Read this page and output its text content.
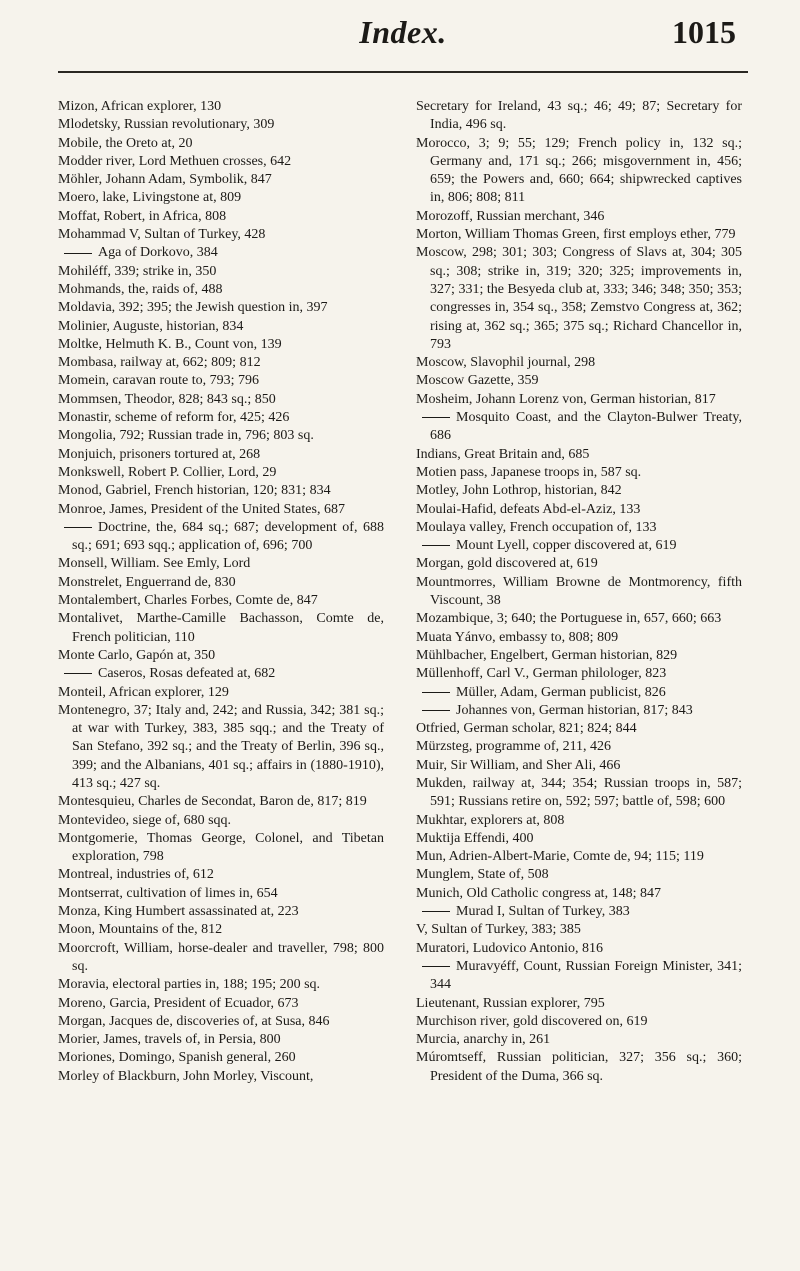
Index.	1015

Mizon, African explorer, 130

Mlodetsky, Russian revolutionary, 309

Mobile, the Oreto at, 20

Modder river, Lord Methuen crosses, 642

Möhler, Johann Adam, Symbolik, 847

Moero, lake, Livingstone at, 809

Moffat, Robert, in Africa, 808

Mohammad V, Sultan of Turkey, 428

Aga of Dorkovo, 384

Mohiléff, 339; strike in, 350

Mohmands, the, raids of, 488

Moldavia, 392; 395; the Jewish question in, 397

Molinier, Auguste, historian, 834

Moltke, Helmuth K. B., Count von, 139

Mombasa, railway at, 662; 809; 812

Momein, caravan route to, 793; 796

Mommsen, Theodor, 828; 843 sq.; 850

Monastir, scheme of reform for, 425; 426

Mongolia, 792; Russian trade in, 796; 803 sq.

Monjuich, prisoners tortured at, 268

Monkswell, Robert P. Collier, Lord, 29

Monod, Gabriel, French historian, 120; 831; 834

Monroe, James, President of the United States, 687

Doctrine, the, 684 sq.; 687; development of, 688 sq.; 691; 693 sqq.; application of, 696; 700

Monsell, William. See Emly, Lord

Monstrelet, Enguerrand de, 830

Montalembert, Charles Forbes, Comte de, 847

Montalivet, Marthe-Camille Bachasson, Comte de, French politician, 110

Monte Carlo, Gapón at, 350

Caseros, Rosas defeated at, 682

Monteil, African explorer, 129

Montenegro, 37; Italy and, 242; and Russia, 342; 381 sq.; at war with Turkey, 383, 385 sqq.; and the Treaty of San Stefano, 392 sq.; and the Treaty of Berlin, 396 sq., 399; and the Albanians, 401 sq.; affairs in (1880-1910), 413 sq.; 427 sq.

Montesquieu, Charles de Secondat, Baron de, 817; 819

Montevideo, siege of, 680 sqq.

Montgomerie, Thomas George, Colonel, and Tibetan exploration, 798

Montreal, industries of, 612

Montserrat, cultivation of limes in, 654

Monza, King Humbert assassinated at, 223

Moon, Mountains of the, 812

Moorcroft, William, horse-dealer and traveller, 798; 800 sq.

Moravia, electoral parties in, 188; 195; 200 sq.

Moreno, Garcia, President of Ecuador, 673

Morgan, Jacques de, discoveries of, at Susa, 846

Morier, James, travels of, in Persia, 800

Moriones, Domingo, Spanish general, 260

Morley of Blackburn, John Morley, Viscount,

Secretary for Ireland, 43 sq.; 46; 49; 87; Secretary for India, 496 sq.

Morocco, 3; 9; 55; 129; French policy in, 132 sq.; Germany and, 171 sq.; 266; misgovernment in, 456; 659; the Powers and, 660; 664; shipwrecked captives in, 806; 808; 811

Morozoff, Russian merchant, 346

Morton, William Thomas Green, first employs ether, 779

Moscow, 298; 301; 303; Congress of Slavs at, 304; 305 sq.; 308; strike in, 319; 320; 325; improvements in, 327; 331; the Besyeda club at, 333; 346; 348; 350; 353; congresses in, 354 sq., 358; Zemstvo Congress at, 362; rising at, 362 sq.; 365; 375 sq.; Richard Chancellor in, 793

Moscow, Slavophil journal, 298

Moscow Gazette, 359

Mosheim, Johann Lorenz von, German historian, 817

Mosquito Coast, and the Clayton-Bulwer Treaty, 686

Indians, Great Britain and, 685

Motien pass, Japanese troops in, 587 sq.

Motley, John Lothrop, historian, 842

Moulai-Hafid, defeats Abd-el-Aziz, 133

Moulaya valley, French occupation of, 133

Mount Lyell, copper discovered at, 619

Morgan, gold discovered at, 619

Mountmorres, William Browne de Montmorency, fifth Viscount, 38

Mozambique, 3; 640; the Portuguese in, 657, 660; 663

Muata Yánvo, embassy to, 808; 809

Mühlbacher, Engelbert, German historian, 829

Müllenhoff, Carl V., German philologer, 823

Müller, Adam, German publicist, 826

Johannes von, German historian, 817; 843

Otfried, German scholar, 821; 824; 844

Mürzsteg, programme of, 211, 426

Muir, Sir William, and Sher Ali, 466

Mukden, railway at, 344; 354; Russian troops in, 587; 591; Russians retire on, 592; 597; battle of, 598; 600

Mukhtar, explorers at, 808

Muktija Effendi, 400

Mun, Adrien-Albert-Marie, Comte de, 94; 115; 119

Munglem, State of, 508

Munich, Old Catholic congress at, 148; 847

Murad I, Sultan of Turkey, 383

V, Sultan of Turkey, 383; 385

Muratori, Ludovico Antonio, 816

Muravyéff, Count, Russian Foreign Minister, 341; 344

Lieutenant, Russian explorer, 795

Murchison river, gold discovered on, 619

Murcia, anarchy in, 261

Múromtseff, Russian politician, 327; 356 sq.; 360; President of the Duma, 366 sq.
